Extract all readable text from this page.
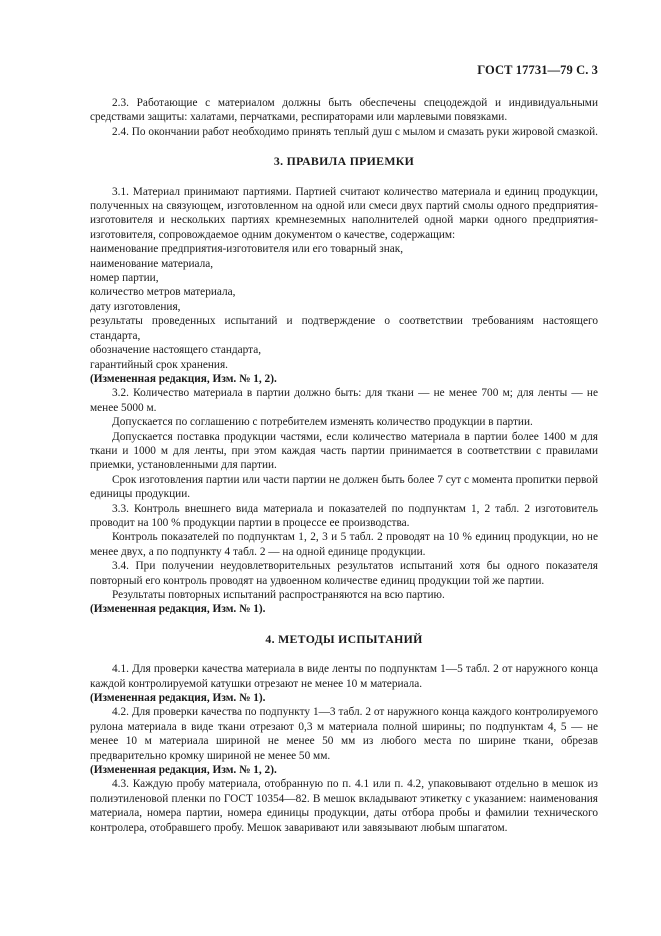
ГОСТ 17731—79 С. 3

2.3. Работающие с материалом должны быть обеспечены спецодеждой и индивидуальными средствами защиты: халатами, перчатками, респираторами или марлевыми повязками.

2.4. По окончании работ необходимо принять теплый душ с мылом и смазать руки жировой смазкой.

3. ПРАВИЛА ПРИЕМКИ

3.1. Материал принимают партиями. Партией считают количество материала и единиц продукции, полученных на связующем, изготовленном на одной или смеси двух партий смолы одного предприятия-изготовителя и нескольких партиях кремнеземных наполнителей одной марки одного предприятия-изготовителя, сопровождаемое одним документом о качестве, содержащим:

наименование предприятия-изготовителя или его товарный знак,

наименование материала,

номер партии,

количество метров материала,

дату изготовления,

результаты проведенных испытаний и подтверждение о соответствии требованиям настоящего стандарта,

обозначение настоящего стандарта,

гарантийный срок хранения.

(Измененная редакция, Изм. № 1, 2).

3.2. Количество материала в партии должно быть: для ткани — не менее 700 м; для ленты — не менее 5000 м.

Допускается по соглашению с потребителем изменять количество продукции в партии.

Допускается поставка продукции частями, если количество материала в партии более 1400 м для ткани и 1000 м для ленты, при этом каждая часть партии принимается в соответствии с правилами приемки, установленными для партии.

Срок изготовления партии или части партии не должен быть более 7 сут с момента пропитки первой единицы продукции.

3.3. Контроль внешнего вида материала и показателей по подпунктам 1, 2 табл. 2 изготовитель проводит на 100 % продукции партии в процессе ее производства.

Контроль показателей по подпунктам 1, 2, 3 и 5 табл. 2 проводят на 10 % единиц продукции, но не менее двух, а по подпункту 4 табл. 2 — на одной единице продукции.

3.4. При получении неудовлетворительных результатов испытаний хотя бы одного показателя повторный его контроль проводят на удвоенном количестве единиц продукции той же партии.

Результаты повторных испытаний распространяются на всю партию.

(Измененная редакция, Изм. № 1).

4. МЕТОДЫ ИСПЫТАНИЙ

4.1. Для проверки качества материала в виде ленты по подпунктам 1—5 табл. 2 от наружного конца каждой контролируемой катушки отрезают не менее 10 м материала.

(Измененная редакция, Изм. № 1).

4.2. Для проверки качества по подпункту 1—3 табл. 2 от наружного конца каждого контролируемого рулона материала в виде ткани отрезают 0,3 м материала полной ширины; по подпунктам 4, 5 — не менее 10 м материала шириной не менее 50 мм из любого места по ширине ткани, обрезав предварительно кромку шириной не менее 50 мм.

(Измененная редакция, Изм. № 1, 2).

4.3. Каждую пробу материала, отобранную по п. 4.1 или п. 4.2, упаковывают отдельно в мешок из полиэтиленовой пленки по ГОСТ 10354—82. В мешок вкладывают этикетку с указанием: наименования материала, номера партии, номера единицы продукции, даты отбора пробы и фамилии технического контролера, отобравшего пробу. Мешок заваривают или завязывают любым шпагатом.
